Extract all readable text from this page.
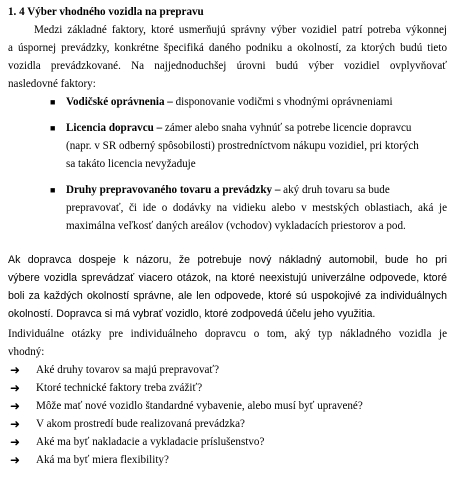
1. 4 Výber vhodného vozidla na prepravu
Medzi základné faktory, ktoré usmerňujú správny výber vozidiel patrí potreba výkonnej
a úspornej prevádzky, konkrétne špecifiká daného podniku a okolností, za ktorých budú tieto
vozidla prevádzkované. Na najjednoduchšej úrovni budú výber vozidiel ovplyvňovať
nasledovné faktory:
■ Vodičské oprávnenia – disponovanie vodičmi s vhodnými oprávneniami
■ Licencia dopravcu – zámer alebo snaha vyhnúť sa potrebe licencie dopravcu
(napr. v SR odberný spôsobilosti) prostredníctvom nákupu vozidiel, pri ktorých
sa takáto licencia nevyžaduje
■ Druhy prepravovaného tovaru a prevádzky – aký druh tovaru sa bude
prepravovať, či ide o dodávky na vidieku alebo v mestských oblastiach, aká je
maximálna veľkosť daných areálov (vchodov) vykladacích priestorov a pod.
Ak dopravca dospeje k názoru, že potrebuje nový nákladný automobil, bude ho pri
výbere vozidla sprevádzať viacero otázok, na ktoré neexistujú univerzálne odpovede, ktoré
boli za každých okolností správne, ale len odpovede, ktoré sú uspokojivé za individuálnych
okolností. Dopravca si má vybrať vozidlo, ktoré zodpovedá účelu jeho využitia.
Individuálne otázky pre individuálneho dopravcu o tom, aký typ nákladného vozidla je
vhodný:
➜ Aké druhy tovarov sa majú prepravovať?
➜ Ktoré technické faktory treba zvážiť?
➜ Môže mať nové vozidlo štandardné vybavenie, alebo musí byť upravené?
➜ V akom prostredí bude realizovaná prevádzka?
➜ Aké ma byť nakladacie a vykladacie príslušenstvo?
➜ Aká ma byť miera flexibility?
